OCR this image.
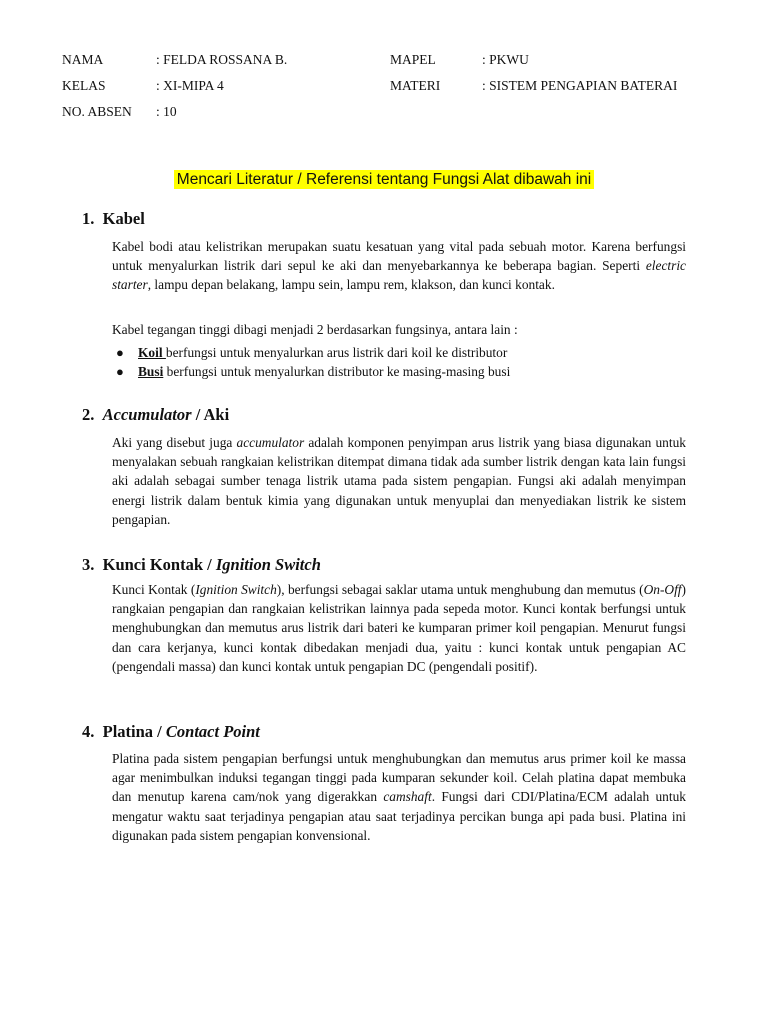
NAMA	: FELDA ROSSANA B.	MAPEL	: PKWU
KELAS	: XI-MIPA 4	MATERI	: SISTEM PENGAPIAN BATERAI
NO. ABSEN : 10
Mencari Literatur / Referensi tentang Fungsi Alat dibawah ini
1. Kabel

Kabel bodi atau kelistrikan merupakan suatu kesatuan yang vital pada sebuah motor. Karena berfungsi untuk menyalurkan listrik dari sepul ke aki dan menyebarkannya ke beberapa bagian. Seperti electric starter, lampu depan belakang, lampu sein, lampu rem, klakson, dan kunci kontak.

Kabel tegangan tinggi dibagi menjadi 2 berdasarkan fungsinya, antara lain :

● Koil berfungsi untuk menyalurkan arus listrik dari koil ke distributor
● Busi berfungsi untuk menyalurkan distributor ke masing-masing busi
2. Accumulator / Aki

Aki yang disebut juga accumulator adalah komponen penyimpan arus listrik yang biasa digunakan untuk menyalakan sebuah rangkaian kelistrikan ditempat dimana tidak ada sumber listrik dengan kata lain fungsi aki adalah sebagai sumber tenaga listrik utama pada sistem pengapian. Fungsi aki adalah menyimpan energi listrik dalam bentuk kimia yang digunakan untuk menyuplai dan menyediakan listrik ke sistem pengapian.

3. Kunci Kontak / Ignition Switch

Kunci Kontak (Ignition Switch), berfungsi sebagai saklar utama untuk menghubung dan memutus (On-Off) rangkaian pengapian dan rangkaian kelistrikan lainnya pada sepeda motor. Kunci kontak berfungsi untuk menghubungkan dan memutus arus listrik dari bateri ke kumparan primer koil pengapian. Menurut fungsi dan cara kerjanya, kunci kontak dibedakan menjadi dua, yaitu : kunci kontak untuk pengapian AC (pengendali massa) dan kunci kontak untuk pengapian DC (pengendali positif).

4. Platina / Contact Point

Platina pada sistem pengapian berfungsi untuk menghubungkan dan memutus arus primer koil ke massa agar menimbulkan induksi tegangan tinggi pada kumparan sekunder koil. Celah platina dapat membuka dan menutup karena cam/nok yang digerakkan camshaft. Fungsi dari CDI/Platina/ECM adalah untuk mengatur waktu saat terjadinya pengapian atau saat terjadinya percikan bunga api pada busi. Platina ini digunakan pada sistem pengapian konvensional.
